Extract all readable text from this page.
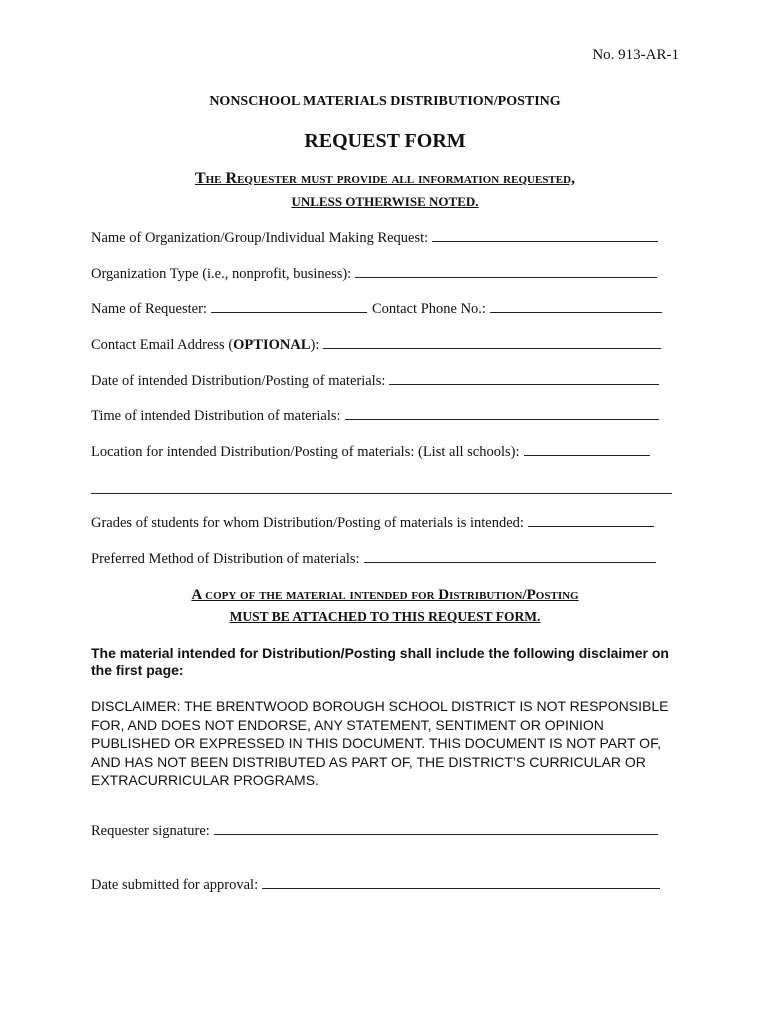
No. 913-AR-1
NONSCHOOL MATERIALS DISTRIBUTION/POSTING
REQUEST FORM
The Requester must provide all information requested,
UNLESS OTHERWISE NOTED.
Name of Organization/Group/Individual Making Request:
Organization Type (i.e., nonprofit, business):
Name of Requester:	Contact Phone No.:
Contact Email Address (OPTIONAL):
Date of intended Distribution/Posting of materials:
Time of intended Distribution of materials:
Location for intended Distribution/Posting of materials: (List all schools):
Grades of students for whom Distribution/Posting of materials is intended:
Preferred Method of Distribution of materials:
A copy of the material intended for Distribution/Posting
MUST BE ATTACHED TO THIS REQUEST FORM.
The material intended for Distribution/Posting shall include the following disclaimer on the first page:
DISCLAIMER: THE BRENTWOOD BOROUGH SCHOOL DISTRICT IS NOT RESPONSIBLE FOR, AND DOES NOT ENDORSE, ANY STATEMENT, SENTIMENT OR OPINION PUBLISHED OR EXPRESSED IN THIS DOCUMENT. THIS DOCUMENT IS NOT PART OF, AND HAS NOT BEEN DISTRIBUTED AS PART OF, THE DISTRICT’S CURRICULAR OR EXTRACURRICULAR PROGRAMS.
Requester signature:
Date submitted for approval:
